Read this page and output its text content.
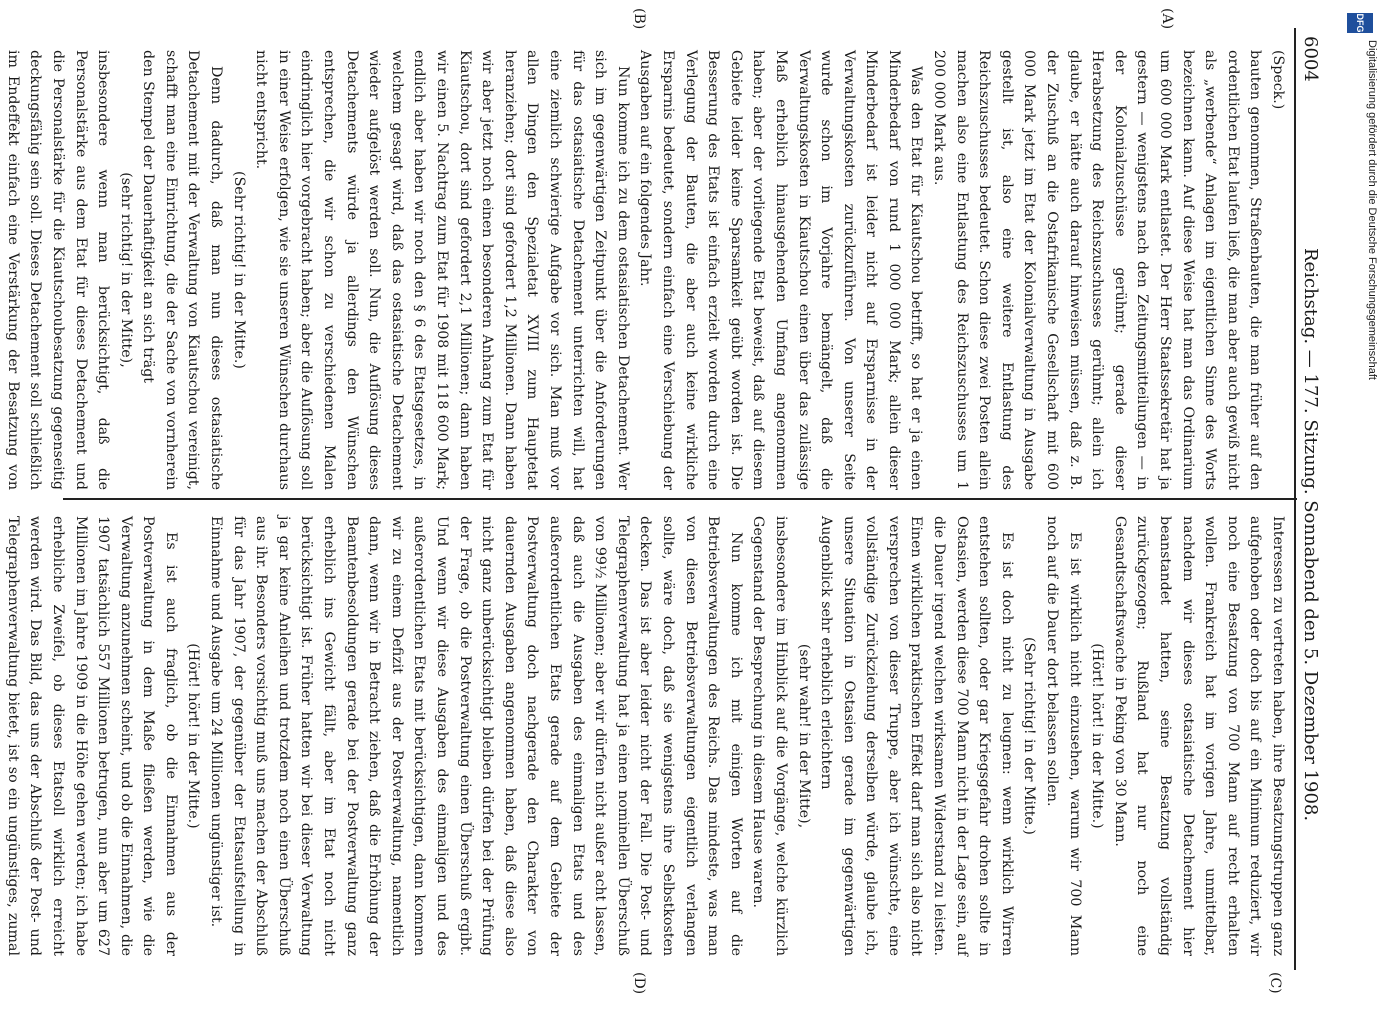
6004
Reichstag. — 177. Sitzung. Sonnabend den 5. Dezember 1908.
(A)
(B)
(C)
(D)

(Speck.)

bauten genommen, Straßenbauten, die man früher auf den ordentlichen Etat laufen ließ, die man aber auch gewiß nicht als „werbende“ Anlagen im eigentlichen Sinne des Worts bezeichnen kann. Auf diese Weise hat man das Ordinarium um 600 000 Mark entlastet. Der Herr Staatssekretär hat ja gestern — wenigstens nach den Zeitungsmitteilungen — in der Kolonialzuschüsse gerühmt; gerade dieser Herabsetzung des Reichszuschusses gerühmt; allein ich glaube, er hätte auch darauf hinweisen müssen, daß z. B. der Zuschuß an die Ostafrikanische Gesellschaft mit 600 000 Mark jetzt im Etat der Kolonialverwaltung in Ausgabe gestellt ist, also eine weitere Entlastung des Reichszuschusses bedeutet. Schon diese zwei Posten allein machen also eine Entlastung des Reichszuschusses um 1 200 000 Mark aus.

Was den Etat für Kiautschou betrifft, so hat er ja einen Minderbedarf von rund 1 000 000 Mark; allein dieser Minderbedarf ist leider nicht auf Ersparnisse in der Verwaltungskosten zurückzuführen. Von unserer Seite wurde schon im Vorjahre bemängelt, daß die Verwaltungskosten in Kiautschou einen über das zulässige Maß erheblich hinausgehenden Umfang angenommen haben; aber der vorliegende Etat beweist, daß auf diesem Gebiete leider keine Sparsamkeit geübt worden ist. Die Besserung des Etats ist einfach erzielt worden durch eine Verlegung der Bauten, die aber auch keine wirkliche Ersparnis bedeutet, sondern einfach eine Verschiebung der Ausgaben auf ein folgendes Jahr.

Nun komme ich zu dem ostasiatischen Detachement. Wer sich im gegenwärtigen Zeitpunkt über die Anforderungen für das ostasiatische Detachement unterrichten will, hat eine ziemlich schwierige Aufgabe vor sich. Man muß vor allen Dingen den Spezialetat XVIII zum Hauptetat heranziehen; dort sind gefordert 1,2 Millionen. Dann haben wir aber jetzt noch einen besonderen Anhang zum Etat für Kiautschou, dort sind gefordert 2,1 Millionen; dann haben wir einen 5. Nachtrag zum Etat für 1908 mit 118 600 Mark; endlich aber haben wir noch den § 6 des Etatsgesetzes, in welchem gesagt wird, daß das ostasiatische Detachement wieder aufgelöst werden soll. Nun, die Auflösung dieses Detachements würde ja allerdings den Wünschen entsprechen, die wir schon zu verschiedenen Malen eindringlich hier vorgebracht haben; aber die Auflösung soll in einer Weise erfolgen, wie sie unseren Wünschen durchaus nicht entspricht.

(Sehr richtig! in der Mitte.)

Denn dadurch, daß man nun dieses ostasiatische Detachement mit der Verwaltung von Kiautschou vereinigt, schafft man eine Einrichtung, die der Sache von vornherein den Stempel der Dauerhaftigkeit an sich trägt

(sehr richtig! in der Mitte),

insbesondere wenn man berücksichtigt, daß die Personalstärke aus dem Etat für dieses Detachement und die Personalstärke für die Kiautschoubesatzung gegenseitig deckungsfähig sein soll. Dieses Detachement soll schließlich im Endeffekt einfach eine Verstärkung der Besatzung von

Interessen zu vertreten haben, ihre Besatzungstruppen ganz aufgehoben oder doch bis auf ein Minimum reduziert, wir noch eine Besatzung von 700 Mann auf recht erhalten wollen. Frankreich hat im vorigen Jahre, unmittelbar, nachdem wir dieses ostasiatische Detachement hier beanstandet hatten, seine Besatzung vollständig zurückgezogen; Rußland hat nur noch eine Gesandtschaftswache in Peking von 30 Mann.

(Hört! hört! in der Mitte.)

Es ist wirklich nicht einzusehen, warum wir 700 Mann noch auf die Dauer dort belassen sollen.

(Sehr richtig! in der Mitte.)

Es ist doch nicht zu leugnen: wenn wirklich Wirren entstehen sollten, oder gar Kriegsgefahr drohen sollte in Ostasien, werden diese 700 Mann nicht in der Lage sein, auf die Dauer irgend welchen wirksamen Widerstand zu leisten. Einen wirklichen praktischen Effekt darf man sich also nicht versprechen von dieser Truppe, aber ich wünschte, eine vollständige Zurückziehung derselben würde, glaube ich, unsere Situation in Ostasien gerade im gegenwärtigen Augenblick sehr erheblich erleichtern

(sehr wahr! in der Mitte),

insbesondere im Hinblick auf die Vorgänge, welche kürzlich Gegenstand der Besprechung in diesem Hause waren.

Nun komme ich mit einigen Worten auf die Betriebsverwaltungen des Reichs. Das mindeste, was man von diesen Betriebsverwaltungen eigentlich verlangen sollte, wäre doch, daß sie wenigstens ihre Selbstkosten decken. Das ist aber leider nicht der Fall. Die Post- und Telegraphenverwaltung hat ja einen nominellen Überschuß von 99½ Millionen; aber wir dürfen nicht außer acht lassen, daß auch die Ausgaben des einmaligen Etats und des außerordentlichen Etats gerade auf dem Gebiete der Postverwaltung doch nachgerade den Charakter von dauernden Ausgaben angenommen haben, daß diese also nicht ganz unberücksichtigt bleiben dürfen bei der Prüfung der Frage, ob die Postverwaltung einen Überschuß ergibt. Und wenn wir diese Ausgaben des einmaligen und des außerordentlichen Etats mit berücksichtigen, dann kommen wir zu einem Defizit aus der Postverwaltung, namentlich dann, wenn wir in Betracht ziehen, daß die Erhöhung der Beamtenbesoldungen gerade bei der Postverwaltung ganz erheblich ins Gewicht fällt, aber im Etat noch nicht berücksichtigt ist. Früher hatten wir bei dieser Verwaltung ja gar keine Anleihen und trotzdem noch einen Überschuß aus ihr. Besonders vorsichtig muß uns machen der Abschluß für das Jahr 1907, der gegenüber der Etatsaufstellung in Einnahme und Ausgabe um 24 Millionen ungünstiger ist.

(Hört! hört! in der Mitte.)

Es ist auch fraglich, ob die Einnahmen aus der Postverwaltung in dem Maße fließen werden, wie die Verwaltung anzunehmen scheint, und ob die Einnahmen, die 1907 tatsächlich 557 Millionen betrugen, nun aber um 627 Millionen im Jahre 1909 in die Höhe gehen werden; ich habe erhebliche Zweifel, ob dieses Etatsoll wirklich erreicht werden wird. Das Bild, das uns der Abschluß der Post- und Telegraphenverwaltung bietet, ist so ein ungünstiges, zumal

DFG
Digitalisierung gefördert durch die Deutsche Forschungsgemeinschaft
